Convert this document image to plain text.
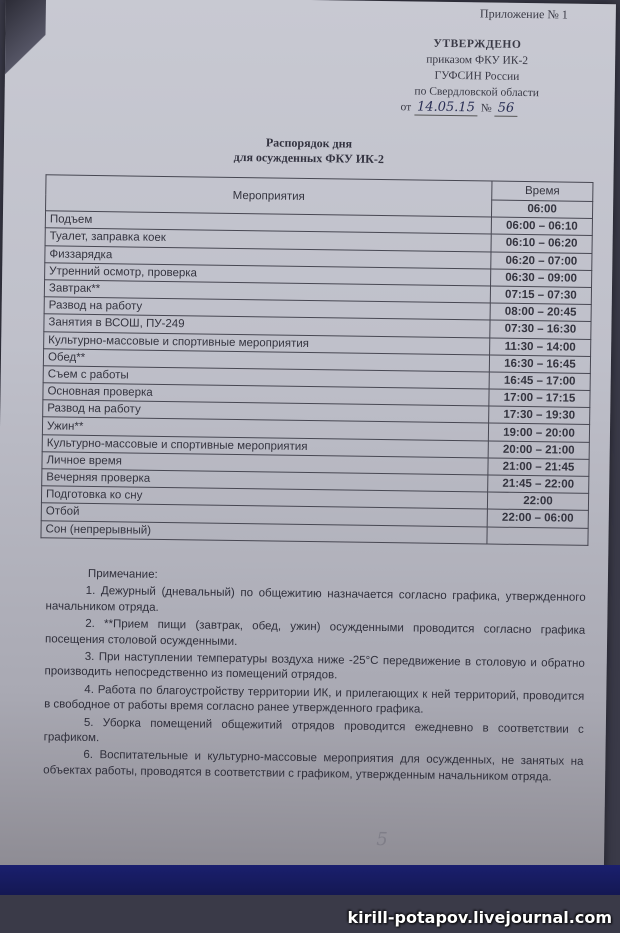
Приложение № 1
УТВЕРЖДЕНО
приказом ФКУ ИК-2
ГУФСИН России
по Свердловской области
от 14.05.15 № 56
Распорядок дня
для осужденных ФКУ ИК-2
Мероприятия	Время
	06:00
Подъем	06:00 – 06:10
Туалет, заправка коек	06:10 – 06:20
Физзарядка	06:20 – 07:00
Утренний осмотр, проверка	06:30 – 09:00
Завтрак**	07:15 – 07:30
Развод на работу	08:00 – 20:45
Занятия в ВСОШ, ПУ-249	07:30 – 16:30
Культурно-массовые и спортивные мероприятия	11:30 – 14:00
Обед**	16:30 – 16:45
Съем с работы	16:45 – 17:00
Основная проверка	17:00 – 17:15
Развод на работу	17:30 – 19:30
Ужин**	19:00 – 20:00
Культурно-массовые и спортивные мероприятия	20:00 – 21:00
Личное время	21:00 – 21:45
Вечерняя проверка	21:45 – 22:00
Подготовка ко сну	22:00
Отбой	22:00 – 06:00
Сон (непрерывный)	
Примечание:

1. Дежурный (дневальный) по общежитию назначается согласно графика, утвержденного начальником отряда.

2. **Прием пищи (завтрак, обед, ужин) осужденными проводится согласно графика посещения столовой осужденными.

3. При наступлении температуры воздуха ниже -25°С передвижение в столовую и обратно производить непосредственно из помещений отрядов.

4. Работа по благоустройству территории ИК, и прилегающих к ней территорий, проводится в свободное от работы время согласно ранее утвержденного графика.

5. Уборка помещений общежитий отрядов проводится ежедневно в соответствии с графиком.

6. Воспитательные и культурно-массовые мероприятия для осужденных, не занятых на объектах работы, проводятся в соответствии с графиком, утвержденным начальником отряда.

5
kirill-potapov.livejournal.com
